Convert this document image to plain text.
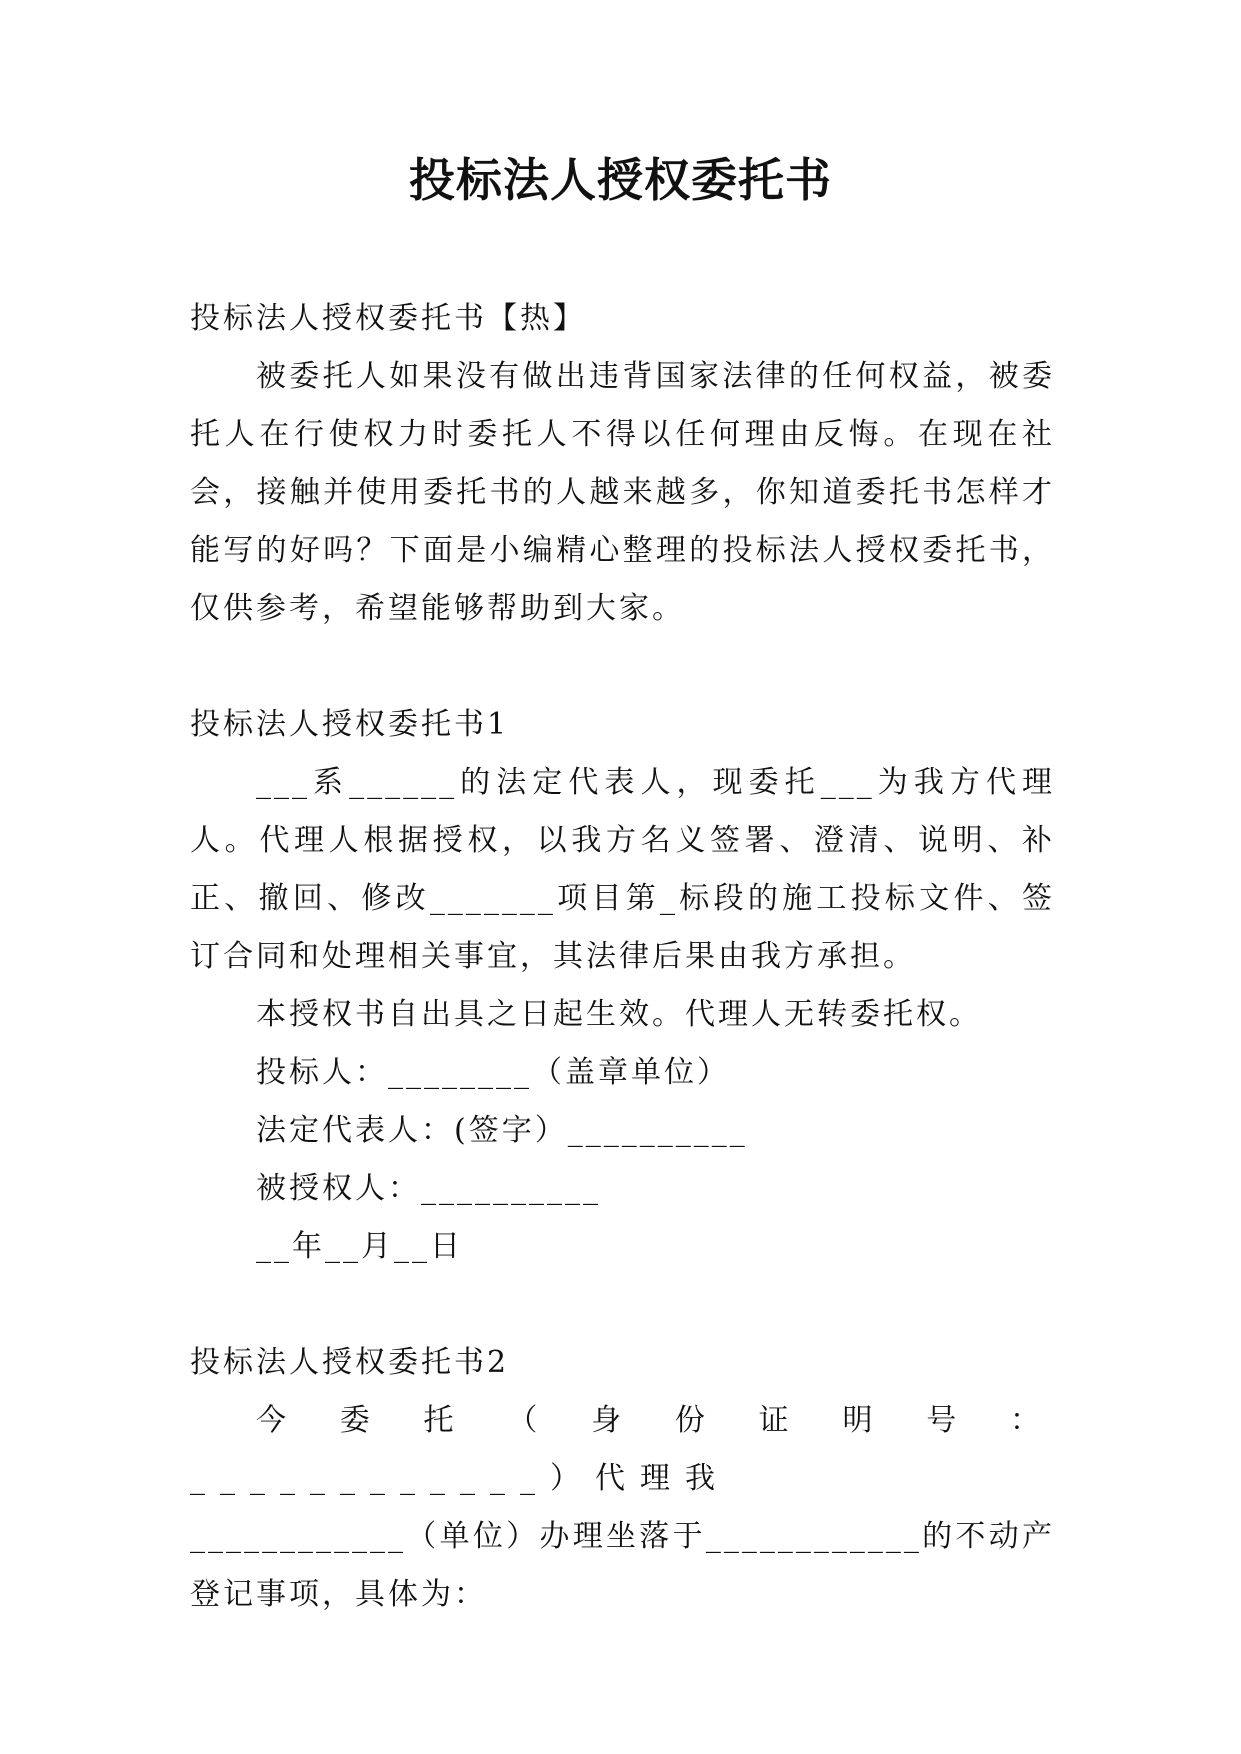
投标法人授权委托书

投标法人授权委托书【热】

被委托人如果没有做出违背国家法律的任何权益，被委托人在行使权力时委托人不得以任何理由反悔。在现在社会，接触并使用委托书的人越来越多，你知道委托书怎样才能写的好吗？下面是小编精心整理的投标法人授权委托书，仅供参考，希望能够帮助到大家。

投标法人授权委托书1

___系______的法定代表人，现委托___为我方代理人。代理人根据授权，以我方名义签署、澄清、说明、补正、撤回、修改_______项目第_标段的施工投标文件、签订合同和处理相关事宜，其法律后果由我方承担。

本授权书自出具之日起生效。代理人无转委托权。

投标人：________（盖章单位）

法定代表人：(签字）__________

被授权人：__________

__年__月__日

投标法人授权委托书2

今委托（身份证明号：____________）代理我

____________（单位）办理坐落于____________的不动产登记事项，具体为：
